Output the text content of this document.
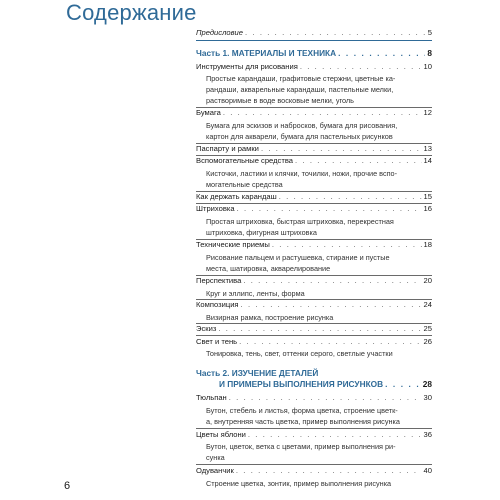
Содержание
Предисловие . . .	5
Часть 1. МАТЕРИАЛЫ И ТЕХНИКА . . .	8
Инструменты для рисования . . .	10
Простые карандаши, графитовые стержни, цветные ка-
рандаши, акварельные карандаши, пастельные мелки,
растворимые в воде восковые мелки, уголь
Бумага . . .	12
Бумага для эскизов и набросков, бумага для рисования,
картон для акварели, бумага для пастельных рисунков
Паспарту и рамки . . .	13
Вспомогательные средства . . .	14
Кисточки, ластики и клячки, точилки, ножи, прочие вспо-
могательные средства
Как держать карандаш . . .	15
Штриховка . . .	16
Простая штриховка, быстрая штриховка, перекрестная
штриховка, фигурная штриховка
Технические приемы . . .	18
Рисование пальцем и растушевка, стирание и пустые
места, шатировка, акварелирование
Перспектива . . .	20
Круг и эллипс, ленты, форма
Композиция . . .	24
Визирная рамка, построение рисунка
Эскиз . . .	25
Свет и тень . . .	26
Тонировка, тень, свет, оттенки серого, светлые участки
Часть 2. ИЗУЧЕНИЕ ДЕТАЛЕЙ
И ПРИМЕРЫ ВЫПОЛНЕНИЯ РИСУНКОВ . . .	28
Тюльпан . . .	30
Бутон, стебель и листья, форма цветка, строение цветк-
а, внутренняя часть цветка, пример выполнения рисунка
Цветы яблони . . .	36
Бутон, цветок, ветка с цветами, пример выполнения ри-
сунка
Одуванчик . . .	40
Строение цветка, зонтик, пример выполнения рисунка
6
